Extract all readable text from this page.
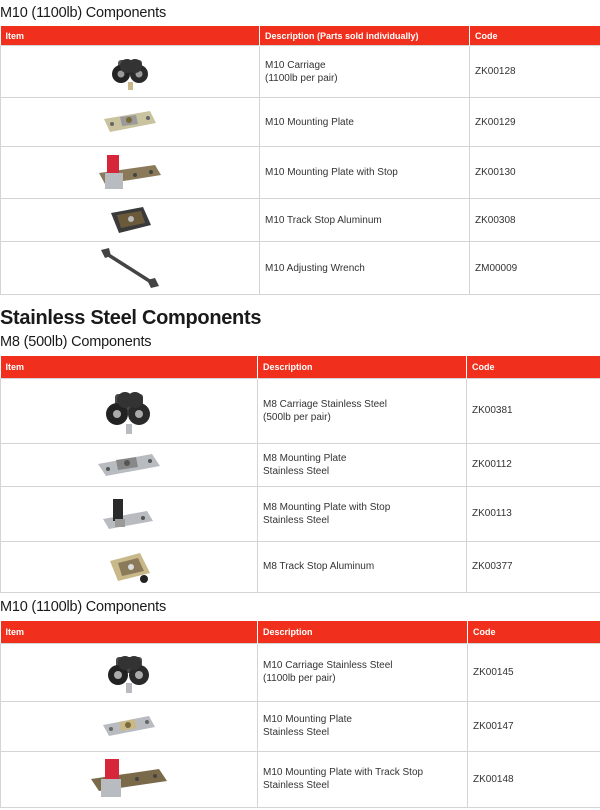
M10 (1100lb) Components
Item	Description (Parts sold individually)	Code

M10 Carriage
(1100lb per pair)	ZK00128

M10 Mounting Plate	ZK00129

M10 Mounting Plate with Stop	ZK00130

M10 Track Stop Aluminum	ZK00308

M10 Adjusting Wrench	ZM00009
Stainless Steel Components
M8 (500lb) Components
Item	Description	Code

M8 Carriage Stainless Steel
(500lb per pair)	ZK00381

M8 Mounting Plate
Stainless Steel	ZK00112

M8 Mounting Plate with Stop
Stainless Steel	ZK00113

M8 Track Stop Aluminum	ZK00377
M10 (1100lb) Components
Item	Description	Code

M10 Carriage Stainless Steel
(1100lb per pair)	ZK00145

M10 Mounting Plate
Stainless Steel	ZK00147

M10 Mounting Plate with Track Stop
Stainless Steel	ZK00148
